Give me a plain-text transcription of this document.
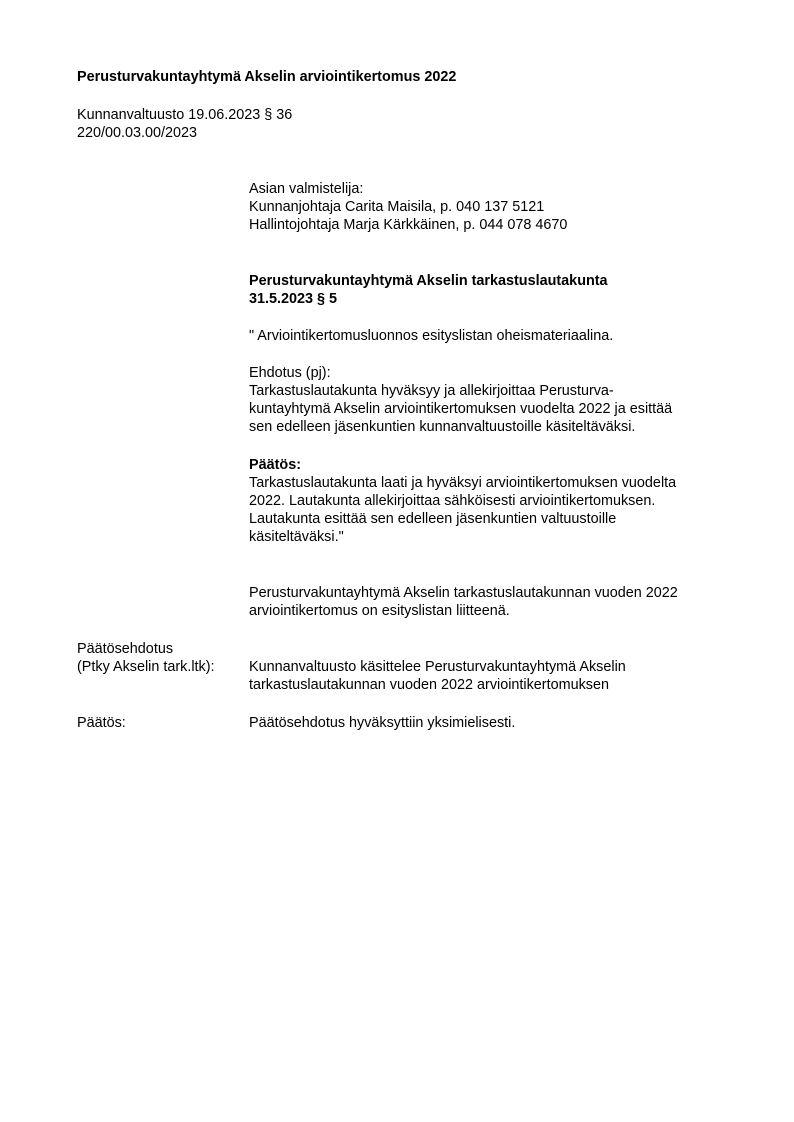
Perusturvakuntayhtymä Akselin arviointikertomus 2022
Kunnanvaltuusto 19.06.2023 § 36
220/00.03.00/2023
Asian valmistelija:
Kunnanjohtaja Carita Maisila, p. 040 137 5121
Hallintojohtaja Marja Kärkkäinen, p. 044 078 4670
Perusturvakuntayhtymä Akselin tarkastuslautakunta
31.5.2023 § 5
" Arviointikertomusluonnos esityslistan oheismateriaalina.
Ehdotus (pj):
Tarkastuslautakunta hyväksyy ja allekirjoittaa Perusturva-
kuntayhtymä Akselin arviointikertomuksen vuodelta 2022 ja esittää
sen edelleen jäsenkuntien kunnanvaltuustoille käsiteltäväksi.
Päätös:
Tarkastuslautakunta laati ja hyväksyi arviointikertomuksen vuodelta
2022. Lautakunta allekirjoittaa sähköisesti arviointikertomuksen.
Lautakunta esittää sen edelleen jäsenkuntien valtuustoille
käsiteltäväksi."
Perusturvakuntayhtymä Akselin tarkastuslautakunnan vuoden 2022
arviointikertomus on esityslistan liitteenä.
Päätösehdotus
(Ptky Akselin tark.ltk): Kunnanvaltuusto käsittelee Perusturvakuntayhtymä Akselin
tarkastuslautakunnan vuoden 2022 arviointikertomuksen
Päätös:	Päätösehdotus hyväksyttiin yksimielisesti.
